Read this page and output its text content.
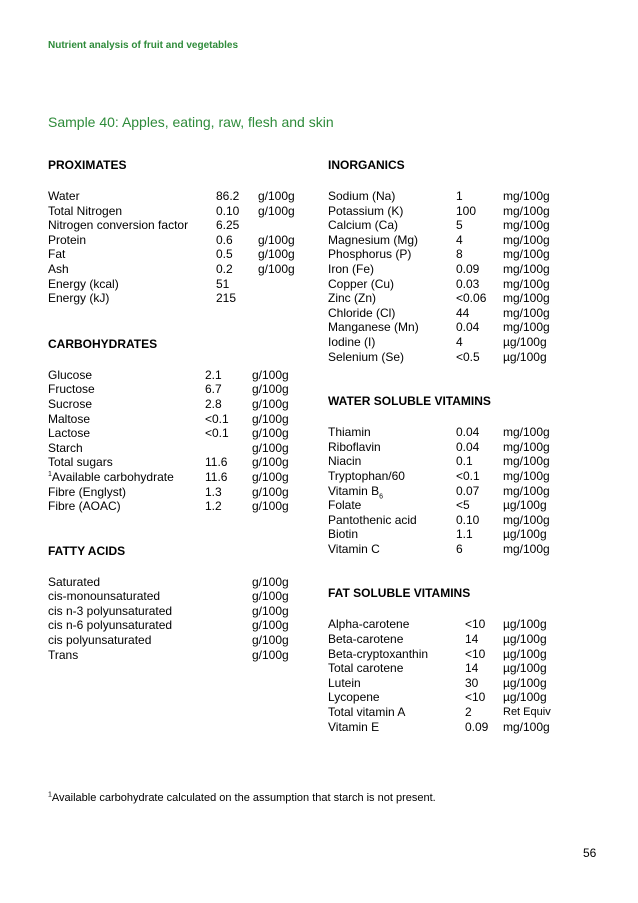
Nutrient analysis of fruit and vegetables
Sample 40: Apples, eating, raw, flesh and skin
PROXIMATES
Water	86.2 g/100g
Total Nitrogen	0.10 g/100g
Nitrogen conversion factor 6.25
Protein	0.6 g/100g
Fat	0.5 g/100g
Ash	0.2 g/100g
Energy (kcal)	51
Energy (kJ)	215
CARBOHYDRATES
Glucose	2.1	g/100g
Fructose	6.7	g/100g
Sucrose	2.8	g/100g
Maltose	<0.1 g/100g
Lactose	<0.1 g/100g
Starch	g/100g
Total sugars	11.6 g/100g
$^1$Available carbohydrate	11.6 g/100g
Fibre (Englyst)	1.3	g/100g
Fibre (AOAC)	1.2	g/100g
FATTY ACIDS
Saturated	g/100g
cis-monounsaturated	g/100g
cis n-3 polyunsaturated	g/100g
cis n-6 polyunsaturated	g/100g
cis polyunsaturated	g/100g
Trans	g/100g
INORGANICS
Sodium (Na)	1	mg/100g
Potassium (K)	100 mg/100g
Calcium (Ca)	5	mg/100g
Magnesium (Mg)	4	mg/100g
Phosphorus (P)	8	mg/100g
Iron (Fe)	0.09 mg/100g
Copper (Cu)	0.03 mg/100g
Zinc (Zn)	<0.06 mg/100g
Chloride (Cl)	44	mg/100g
Manganese (Mn)	0.04 mg/100g
Iodine (I)	4	µg/100g
Selenium (Se)	<0.5 µg/100g
WATER SOLUBLE VITAMINS
Thiamin	0.04 mg/100g
Riboflavin	0.04 mg/100g
Niacin	0.1	mg/100g
Tryptophan/60	<0.1 mg/100g
Vitamin $B_6$	0.07 mg/100g
Folate	<5	µg/100g
Pantothenic acid	0.10 mg/100g
Biotin	1.1	µg/100g
Vitamin C	6	mg/100g
FAT SOLUBLE VITAMINS
Alpha-carotene	<10 µg/100g
Beta-carotene	14 µg/100g
Beta-cryptoxanthin	<10 µg/100g
Total carotene	14 µg/100g
Lutein	30 µg/100g
Lycopene	<10 µg/100g
Total vitamin A	2	Ret Equiv
Vitamin E	0.09 mg/100g
$^1$Available carbohydrate calculated on the assumption that starch is not present.
56
